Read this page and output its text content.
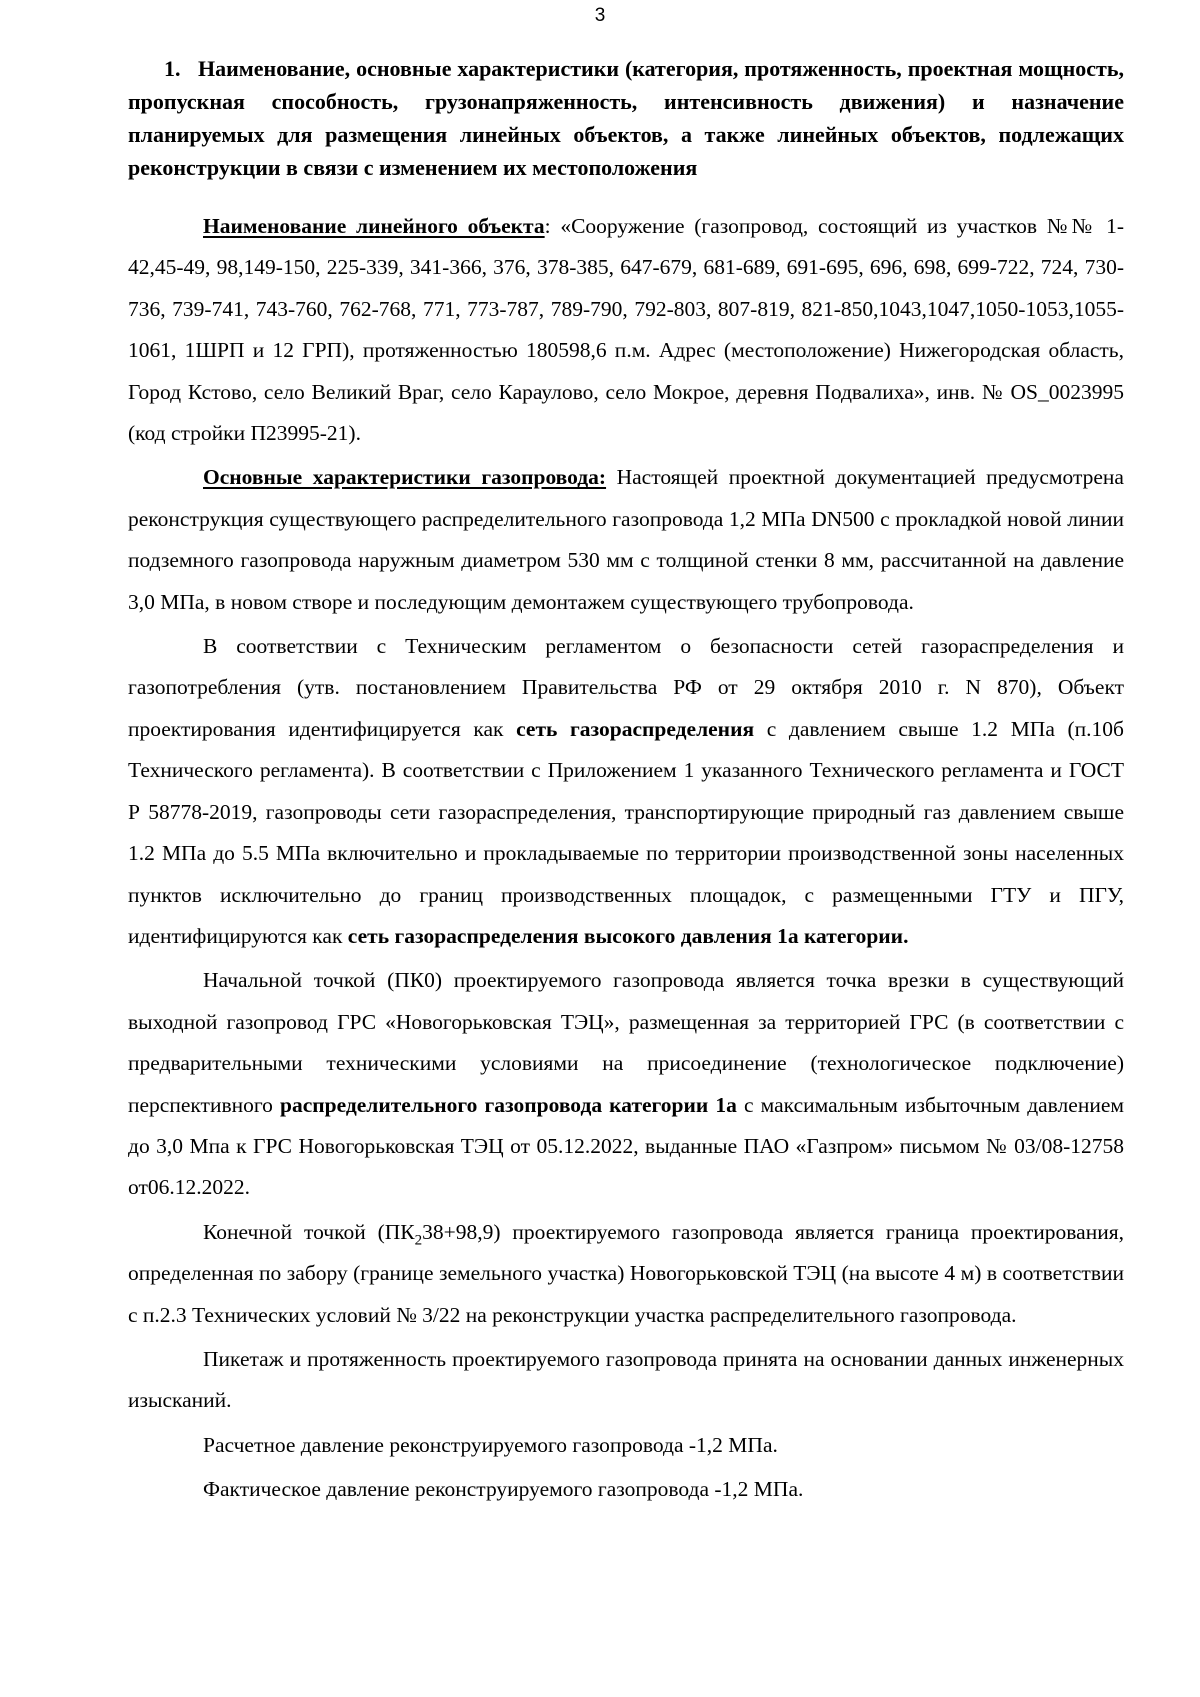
3
1. Наименование, основные характеристики (категория, протяженность, проектная мощность, пропускная способность, грузонапряженность, интенсивность движения) и назначение планируемых для размещения линейных объектов, а также линейных объектов, подлежащих реконструкции в связи с изменением их местоположения

Наименование линейного объекта: «Сооружение (газопровод, состоящий из участков №№ 1-42,45-49, 98,149-150, 225-339, 341-366, 376, 378-385, 647-679, 681-689, 691-695, 696, 698, 699-722, 724, 730-736, 739-741, 743-760, 762-768, 771, 773-787, 789-790, 792-803, 807-819, 821-850,1043,1047,1050-1053,1055-1061, 1ШРП и 12 ГРП), протяженностью 180598,6 п.м. Адрес (местоположение) Нижегородская область, Город Кстово, село Великий Враг, село Караулово, село Мокрое, деревня Подвалиха», инв. № OS_0023995 (код стройки П23995-21).

Основные характеристики газопровода: Настоящей проектной документацией предусмотрена реконструкция существующего распределительного газопровода 1,2 МПа DN500 с прокладкой новой линии подземного газопровода наружным диаметром 530 мм с толщиной стенки 8 мм, рассчитанной на давление 3,0 МПа, в новом створе и последующим демонтажем существующего трубопровода.

В соответствии с Техническим регламентом о безопасности сетей газораспределения и газопотребления (утв. постановлением Правительства РФ от 29 октября 2010 г. N 870), Объект проектирования идентифицируется как сеть газораспределения с давлением свыше 1.2 МПа (п.10б Технического регламента). В соответствии с Приложением 1 указанного Технического регламента и ГОСТ Р 58778-2019, газопроводы сети газораспределения, транспортирующие природный газ давлением свыше 1.2 МПа до 5.5 МПа включительно и прокладываемые по территории производственной зоны населенных пунктов исключительно до границ производственных площадок, с размещенными ГТУ и ПГУ, идентифицируются как сеть газораспределения высокого давления 1а категории.

Начальной точкой (ПК0) проектируемого газопровода является точка врезки в существующий выходной газопровод ГРС «Новогорьковская ТЭЦ», размещенная за территорией ГРС (в соответствии с предварительными техническими условиями на присоединение (технологическое подключение) перспективного распределительного газопровода категории 1а с максимальным избыточным давлением до 3,0 Мпа к ГРС Новогорьковская ТЭЦ от 05.12.2022, выданные ПАО «Газпром» письмом № 03/08-12758 от06.12.2022.

Конечной точкой $(ПК_238+98,9)$ проектируемого газопровода является граница проектирования, определенная по забору (границе земельного участка) Новогорьковской ТЭЦ (на высоте 4 м) в соответствии с п.2.3 Технических условий № 3/22 на реконструкции участка распределительного газопровода.

Пикетаж и протяженность проектируемого газопровода принята на основании данных инженерных изысканий.

Расчетное давление реконструируемого газопровода -1,2 МПа.

Фактическое давление реконструируемого газопровода -1,2 МПа.
